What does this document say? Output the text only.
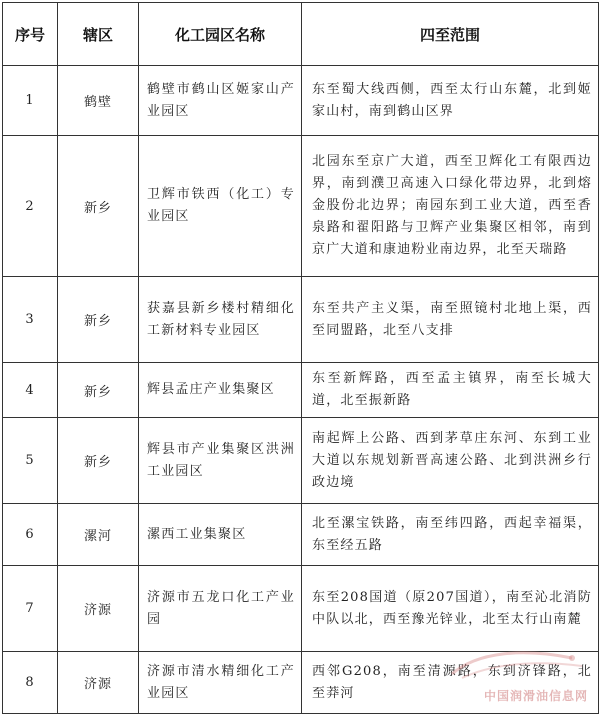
序号	辖区	化工园区名称	四至范围
1	鹤壁	鹤壁市鹤山区姬家山产业园区	东至蜀大线西侧，西至太行山东麓，北到姬家山村，南到鹤山区界
2	新乡	卫辉市铁西（化工）专业园区	北园东至京广大道，西至卫辉化工有限西边界，南到濮卫高速入口绿化带边界，北到熔金股份北边界；南园东到工业大道，西至香泉路和翟阳路与卫辉产业集聚区相邻，南到京广大道和康迪粉业南边界，北至天瑞路
3	新乡	获嘉县新乡楼村精细化工新材料专业园区	东至共产主义渠，南至照镜村北地上渠，西至同盟路，北至八支排
4	新乡	辉县孟庄产业集聚区	东至新辉路，西至孟主镇界，南至长城大道，北至振新路
5	新乡	辉县市产业集聚区洪洲工业园区	南起辉上公路、西到茅草庄东河、东到工业大道以东规划新晋高速公路、北到洪洲乡行政边境
6	漯河	漯西工业集聚区	北至漯宝铁路，南至纬四路，西起幸福渠，东至经五路
7	济源	济源市五龙口化工产业园	东至208国道（原207国道），南至沁北消防中队以北，西至豫光锌业，北至太行山南麓
8	济源	济源市清水精细化工产业园区	西邻G208，南至清源路，东到济锋路，北至莽河	中国润滑油信息网
